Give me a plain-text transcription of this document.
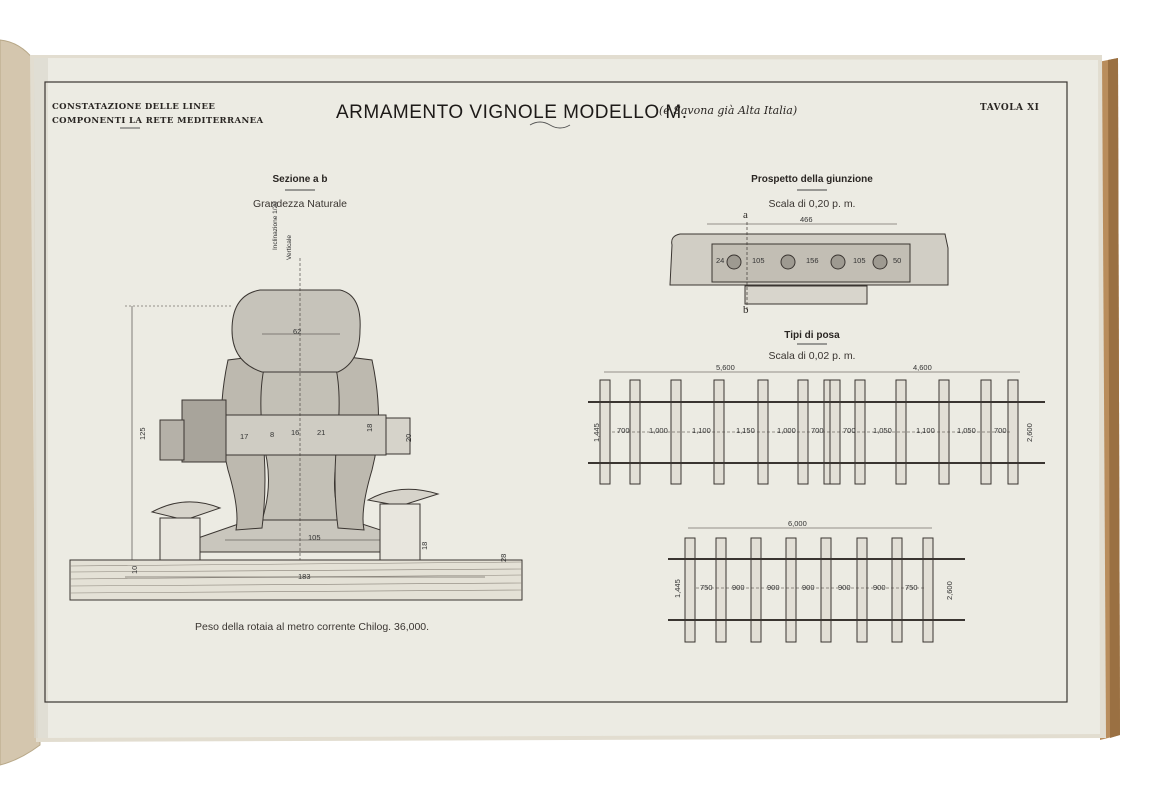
CONSTATAZIONE DELLE LINEE
COMPONENTI LA RETE MEDITERRANEA	ARMAMENTO VIGNOLE MODELLO M.
(e Savona già Alta Italia)	TAVOLA XI
Sezione a b
Grandezza Naturale
Inclinazione 1/20 Verticale
62
125
105
183
10
18
17	8 16 21
18
20
28
Peso della rotaia al metro corrente Chilog. 36,000.
Prospetto della giunzione
Scala di 0,20 p. m.
a
b
466
24	105	156	105	50
Tipi di posa
Scala di 0,02 p. m.
5,600	4,600
1,445	2,600
700	1,000	1,100	1,150	1,000 700	700 1,050	1,100	1,050 700
6,000
1,445	2,600
750	900	900	900	900	900	750
